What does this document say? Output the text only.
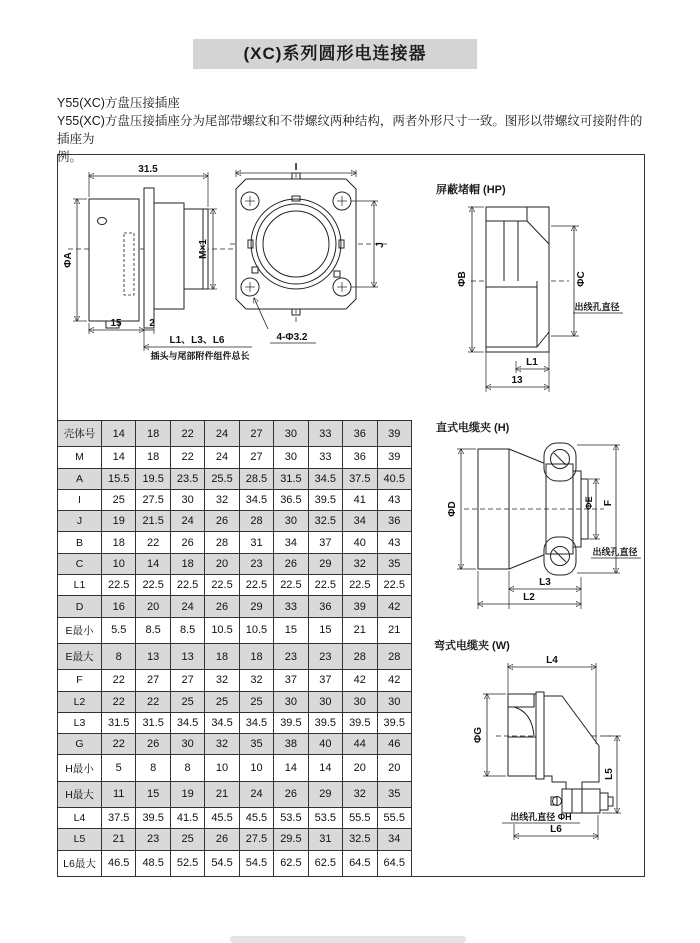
(XC)系列圆形电连接器
Y55(XC)方盘压接插座
Y55(XC)方盘压接插座分为尾部带螺纹和不带螺纹两种结构，两者外形尺寸一致。图形以带螺纹可接附件的插座为
例。
31.5
ΦA
M×1
15	2
L1、L3、L6
插头与尾部附件组件总长
I
J
4-Φ3.2
屏蔽堵帽 (HP)
ΦB	ΦC
出线孔直径
L1
13
直式电缆夹 (H)
ΦD	ΦE F
出线孔直径
L3
L2
弯式电缆夹 (W)
L4
ΦG
L5
出线孔直径 ΦH
L6
壳体号	14	18	22	24	27	30	33	36	39
M	14	18	22	24	27	30	33	36	39
A	15.5	19.5	23.5	25.5	28.5	31.5	34.5	37.5	40.5
I	25	27.5	30	32	34.5	36.5	39.5	41	43
J	19	21.5	24	26	28	30	32.5	34	36
B	18	22	26	28	31	34	37	40	43
C	10	14	18	20	23	26	29	32	35
L1	22.5	22.5	22.5	22.5	22.5	22.5	22.5	22.5	22.5
D	16	20	24	26	29	33	36	39	42
E最小	5.5	8.5	8.5	10.5	10.5	15	15	21	21
E最大	8	13	13	18	18	23	23	28	28
F	22	27	27	32	32	37	37	42	42
L2	22	22	25	25	25	30	30	30	30
L3	31.5	31.5	34.5	34.5	34.5	39.5	39.5	39.5	39.5
G	22	26	30	32	35	38	40	44	46
H最小	5	8	8	10	10	14	14	20	20
H最大	11	15	19	21	24	26	29	32	35
L4	37.5	39.5	41.5	45.5	45.5	53.5	53.5	55.5	55.5
L5	21	23	25	26	27.5	29.5	31	32.5	34
L6最大	46.5	48.5	52.5	54.5	54.5	62.5	62.5	64.5	64.5
